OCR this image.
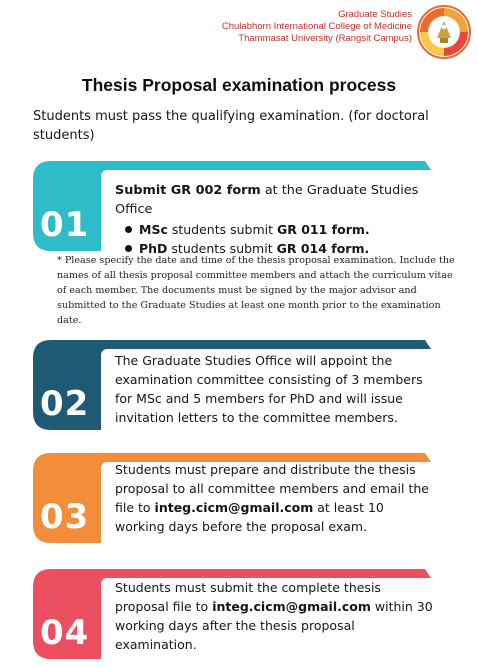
Graduate Studies
Chulabhorn International College of Medicine
Thammasat University (Rangsit Campus)
Thesis Proposal examination process
Students must pass the qualifying examination. (for doctoral students)
01
Submit GR 002 form at the Graduate Studies Office
MSc students submit GR 011 form.
PhD students submit GR 014 form.
* Please specify the date and time of the thesis proposal examination. Include the names of all thesis proposal committee members and attach the curriculum vitae of each member. The documents must be signed by the major advisor and submitted to the Graduate Studies at least one month prior to the examination date.
02
The Graduate Studies Office will appoint the examination committee consisting of 3 members for MSc and 5 members for PhD and will issue invitation letters to the committee members.
03
Students must prepare and distribute the thesis proposal to all committee members and email the file to integ.cicm@gmail.com at least 10 working days before the proposal exam.
04
Students must submit the complete thesis proposal file to integ.cicm@gmail.com within 30 working days after the thesis proposal examination.
